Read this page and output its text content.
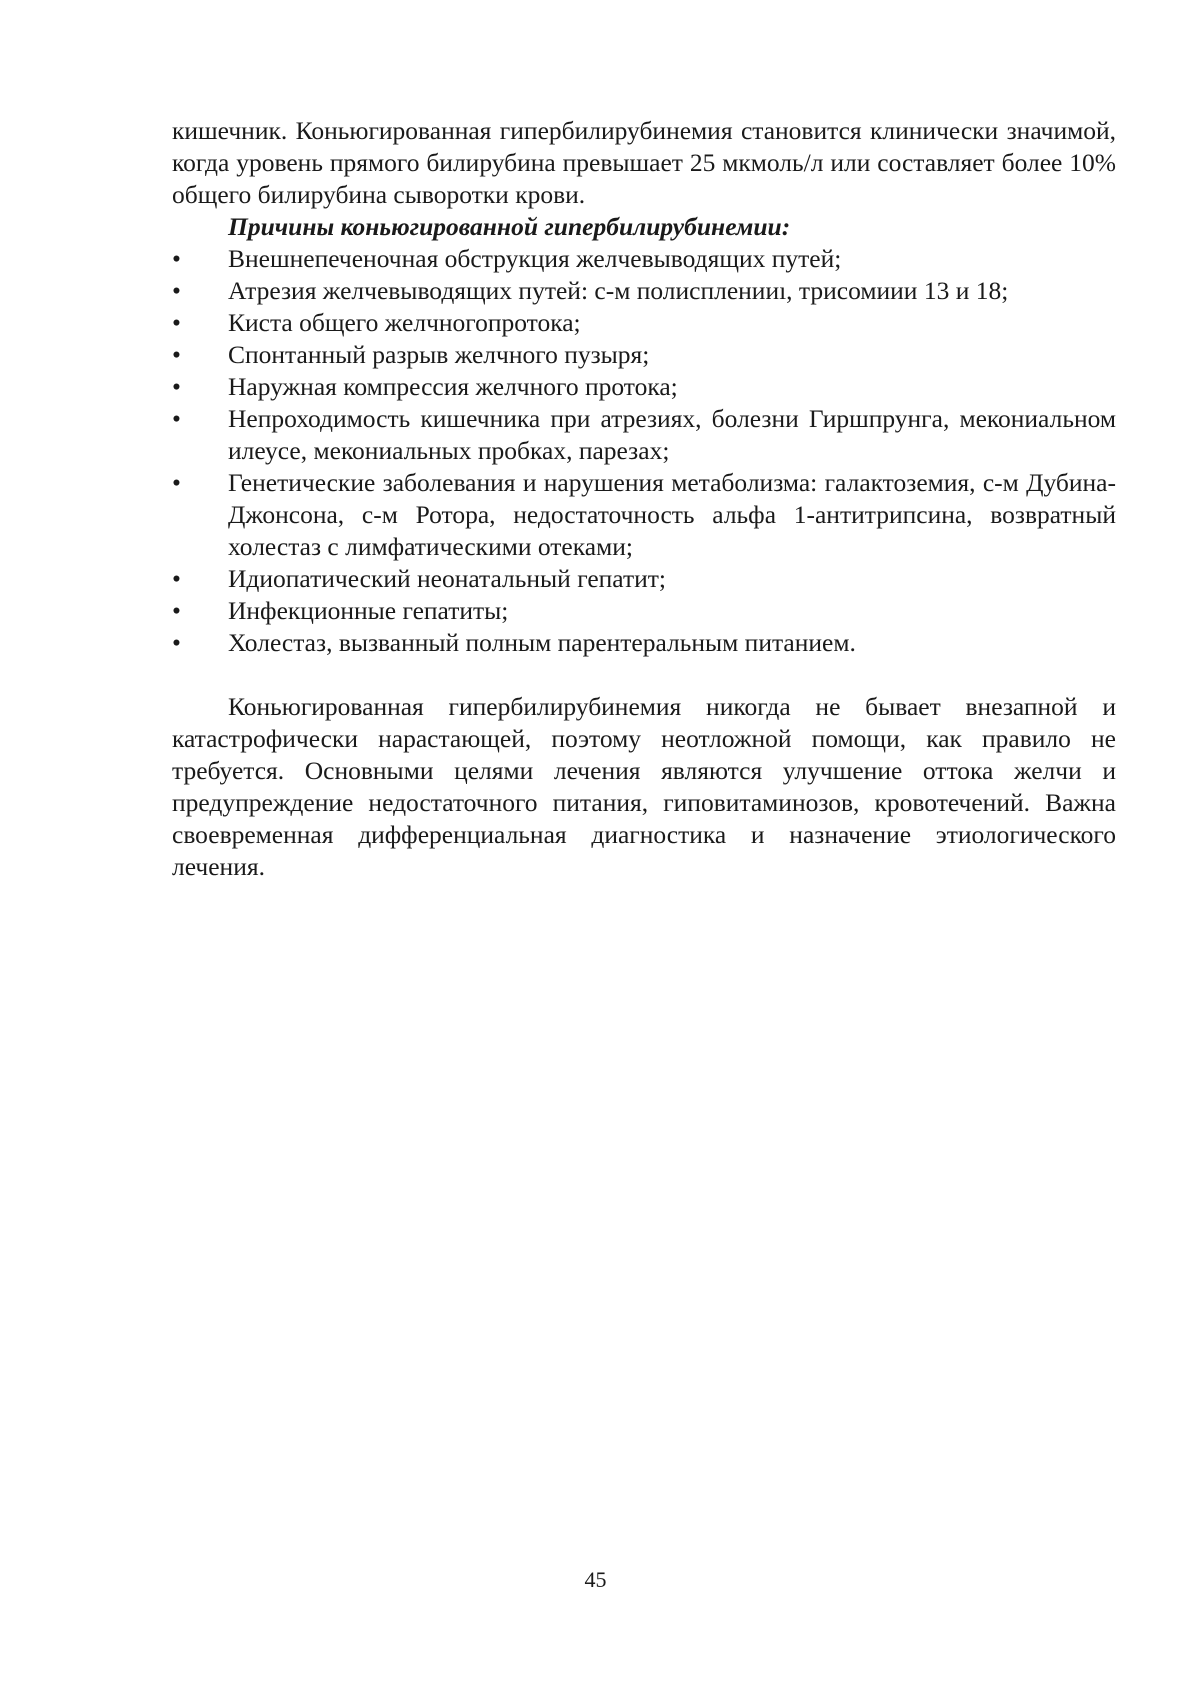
кишечник. Коньюгированная гипербилирубинемия становится клинически значимой, когда уровень прямого билирубина превышает 25 мкмоль/л или составляет более 10% общего билирубина сыворотки крови.

Причины коньюгированной гипербилирубинемии:

• Внешнепеченочная обструкция желчевыводящих путей;
• Атрезия желчевыводящих путей: с-м полиспленииı, трисомиии 13 и 18;
• Киста общего желчногопротока;
• Спонтанный разрыв желчного пузыря;
• Наружная компрессия желчного протока;
• Непроходимость кишечника при атрезиях, болезни Гиршпрунга, мекониальном илеусе, мекониальных пробках, парезах;
• Генетические заболевания и нарушения метаболизма: галактоземия, с-м Дубина-Джонсона, с-м Ротора, недостаточность альфа 1-антитрипсина, возвратный холестаз с лимфатическими отеками;
• Идиопатический неонатальный гепатит;
• Инфекционные гепатиты;
• Холестаз, вызванный полным парентеральным питанием.

Коньюгированная гипербилирубинемия никогда не бывает внезапной и катастрофически нарастающей, поэтому неотложной помощи, как правило не требуется. Основными целями лечения являются улучшение оттока желчи и предупреждение недостаточного питания, гиповитаминозов, кровотечений. Важна своевременная дифференциальная диагностика и назначение этиологического лечения.

45
